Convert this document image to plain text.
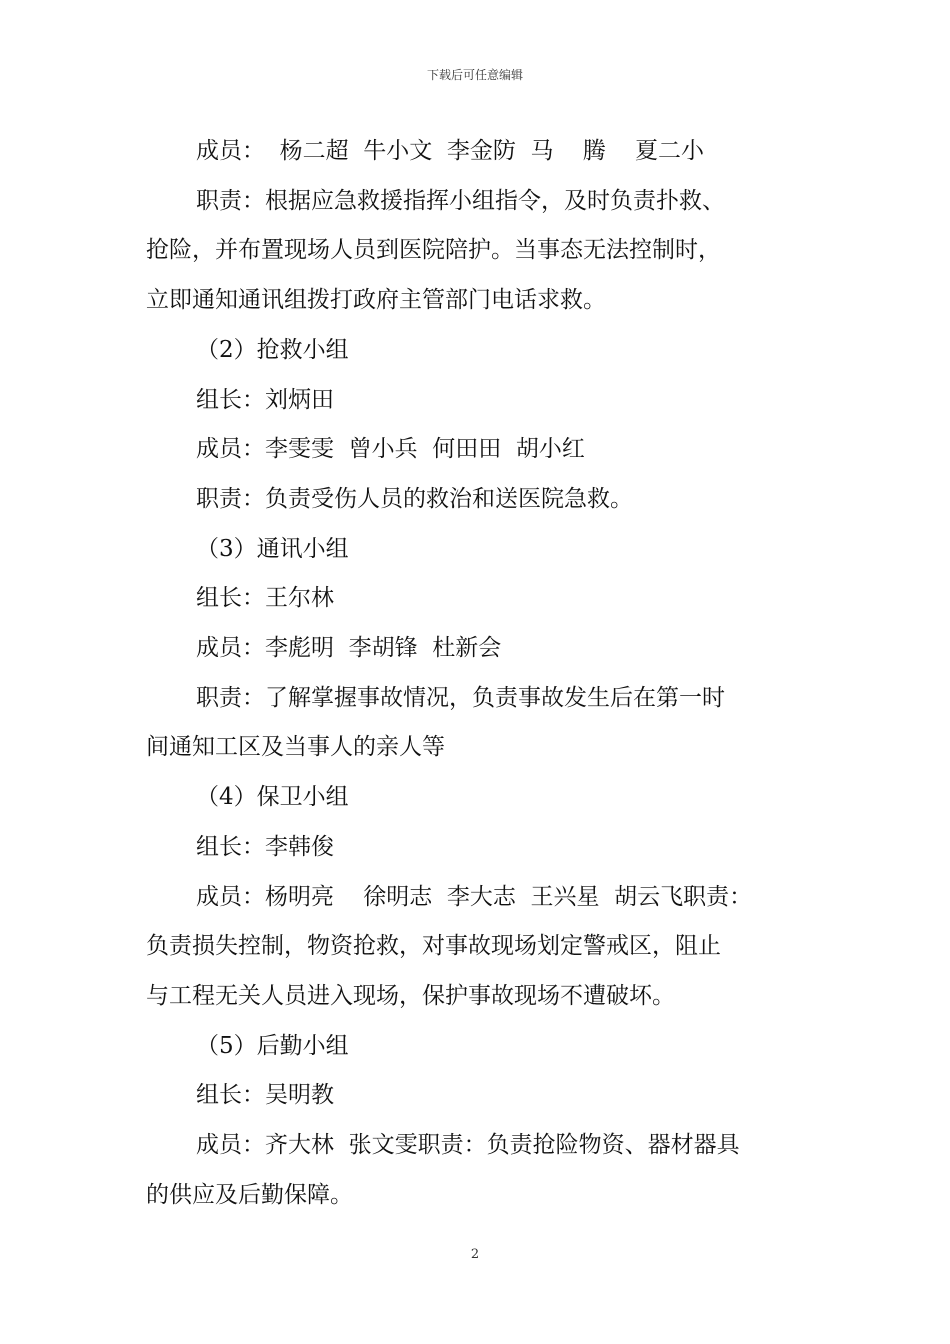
下载后可任意编辑

成员：  杨二超  牛小文  李金防  马    腾    夏二小

职责：根据应急救援指挥小组指令，及时负责扑救、

抢险，并布置现场人员到医院陪护。当事态无法控制时，

立即通知通讯组拨打政府主管部门电话求救。

（2）抢救小组

组长：刘炳田

成员：李雯雯  曾小兵  何田田  胡小红

职责：负责受伤人员的救治和送医院急救。

（3）通讯小组

组长：王尔林

成员：李彪明  李胡锋  杜新会

职责：了解掌握事故情况，负责事故发生后在第一时

间通知工区及当事人的亲人等

（4）保卫小组

组长：李韩俊

成员：杨明亮    徐明志  李大志  王兴星  胡云飞职责：

负责损失控制，物资抢救，对事故现场划定警戒区，阻止

与工程无关人员进入现场，保护事故现场不遭破坏。

（5）后勤小组

组长：吴明教

成员：齐大林  张文雯职责：负责抢险物资、器材器具

的供应及后勤保障。

2
